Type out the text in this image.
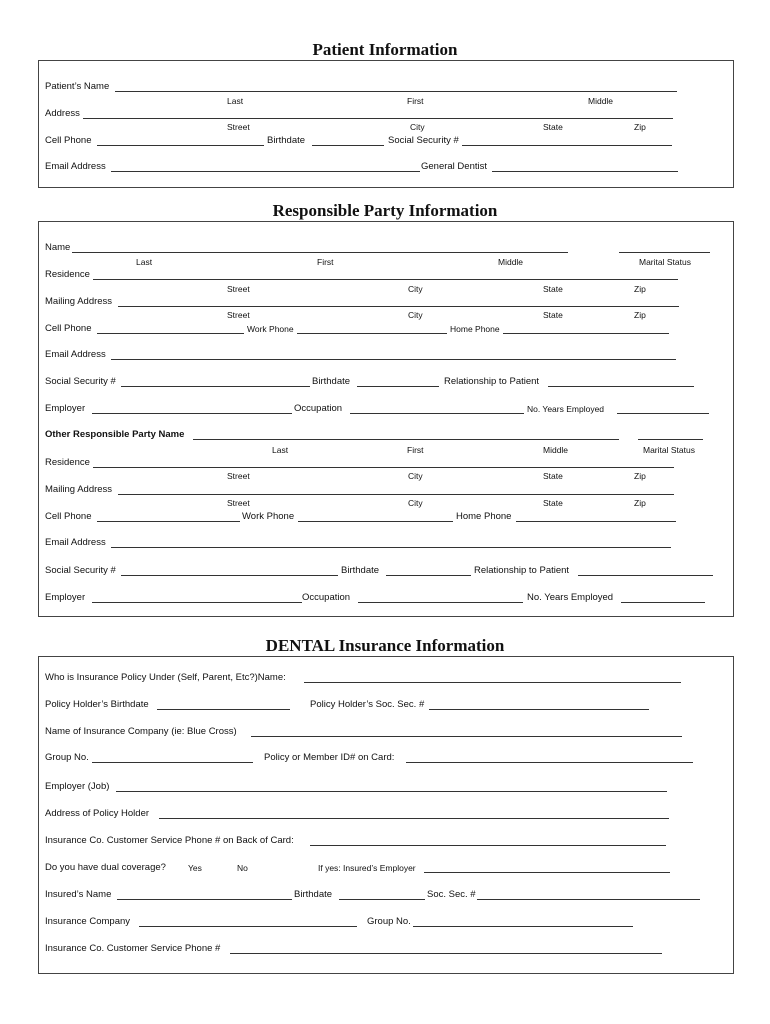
Patient Information
Patient’s Name
Last	First	Middle
Address
Street	City	State	Zip
Cell Phone	Birthdate	Social Security #
Email Address	General Dentist
Responsible Party Information
Name
Last	First	Middle	Marital Status
Residence
Street	City	State	Zip
Mailing Address
Street	City	State	Zip
Cell Phone	Work Phone	Home Phone
Email Address
Social Security #	Birthdate	Relationship to Patient
Employer	Occupation	No. Years Employed
Other Responsible Party Name
Last	First	Middle	Marital Status
Residence
Street	City	State	Zip
Mailing Address
Street	City	State	Zip
Cell Phone	Work Phone	Home Phone
Email Address
Social Security #	Birthdate	Relationship to Patient
Employer	Occupation	No. Years Employed
DENTAL Insurance Information
Who is Insurance Policy Under (Self, Parent, Etc?)Name:
Policy Holder’s Birthdate	Policy Holder’s Soc. Sec. #
Name of Insurance Company (ie: Blue Cross)
Group No.	Policy or Member ID# on Card:
Employer (Job)
Address of Policy Holder
Insurance Co. Customer Service Phone # on Back of Card:
Do you have dual coverage?	Yes	No	If yes: Insured’s Employer
Insured’s Name	Birthdate	Soc. Sec. #
Insurance Company	Group No.
Insurance Co. Customer Service Phone #
